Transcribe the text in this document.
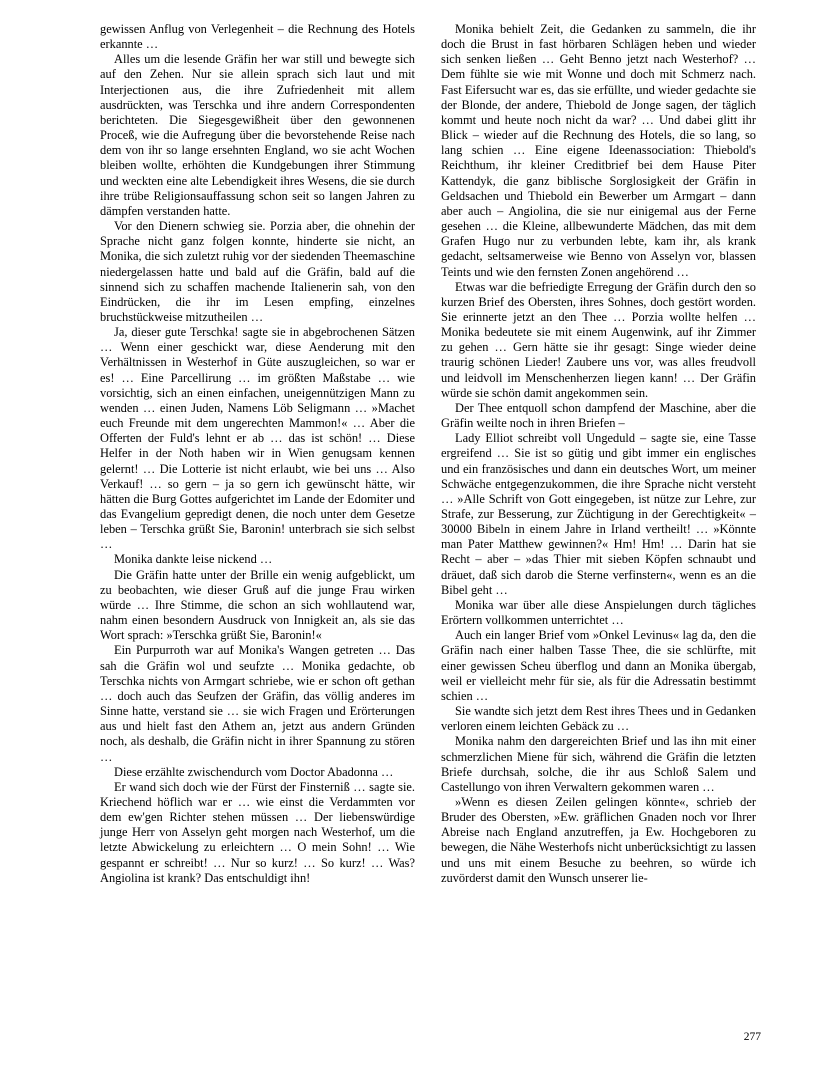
gewissen Anflug von Verlegenheit – die Rechnung des Hotels erkannte …

Alles um die lesende Gräfin her war still und bewegte sich auf den Zehen. Nur sie allein sprach sich laut und mit Interjectionen aus, die ihre Zufriedenheit mit allem ausdrückten, was Terschka und ihre andern Correspondenten berichteten. Die Siegesgewißheit über den gewonnenen Proceß, wie die Aufregung über die bevorstehende Reise nach dem von ihr so lange ersehnten England, wo sie acht Wochen bleiben wollte, erhöhten die Kundgebungen ihrer Stimmung und weckten eine alte Lebendigkeit ihres Wesens, die sie durch ihre trübe Religionsauffassung schon seit so langen Jahren zu dämpfen verstanden hatte.

Vor den Dienern schwieg sie. Porzia aber, die ohnehin der Sprache nicht ganz folgen konnte, hinderte sie nicht, an Monika, die sich zuletzt ruhig vor der siedenden Theemaschine niedergelassen hatte und bald auf die Gräfin, bald auf die sinnend sich zu schaffen machende Italienerin sah, von den Eindrücken, die ihr im Lesen empfing, einzelnes bruchstückweise mitzutheilen …

Ja, dieser gute Terschka! sagte sie in abgebrochenen Sätzen … Wenn einer geschickt war, diese Aenderung mit den Verhältnissen in Westerhof in Güte auszugleichen, so war er es! … Eine Parcellirung … im größten Maßstabe … wie vorsichtig, sich an einen einfachen, uneigennützigen Mann zu wenden … einen Juden, Namens Löb Seligmann … »Machet euch Freunde mit dem ungerechten Mammon!« … Aber die Offerten der Fuld's lehnt er ab … das ist schön! … Diese Helfer in der Noth haben wir in Wien genugsam kennen gelernt! … Die Lotterie ist nicht erlaubt, wie bei uns … Also Verkauf! … so gern – ja so gern ich gewünscht hätte, wir hätten die Burg Gottes aufgerichtet im Lande der Edomiter und das Evangelium gepredigt denen, die noch unter dem Gesetze leben – Terschka grüßt Sie, Baronin! unterbrach sie sich selbst …

Monika dankte leise nickend …

Die Gräfin hatte unter der Brille ein wenig aufgeblickt, um zu beobachten, wie dieser Gruß auf die junge Frau wirken würde … Ihre Stimme, die schon an sich wohllautend war, nahm einen besondern Ausdruck von Innigkeit an, als sie das Wort sprach: »Terschka grüßt Sie, Baronin!«

Ein Purpurroth war auf Monika's Wangen getreten … Das sah die Gräfin wol und seufzte … Monika gedachte, ob Terschka nichts von Armgart schriebe, wie er schon oft gethan … doch auch das Seufzen der Gräfin, das völlig anderes im Sinne hatte, verstand sie … sie wich Fragen und Erörterungen aus und hielt fast den Athem an, jetzt aus andern Gründen noch, als deshalb, die Gräfin nicht in ihrer Spannung zu stören …

Diese erzählte zwischendurch vom Doctor Abadonna …

Er wand sich doch wie der Fürst der Finsterniß … sagte sie. Kriechend höflich war er … wie einst die Verdammten vor dem ew'gen Richter stehen müssen … Der liebenswürdige junge Herr von Asselyn geht morgen nach Westerhof, um die letzte Abwickelung zu erleichtern … O mein Sohn! … Wie gespannt er schreibt! … Nur so kurz! … So kurz! … Was? Angiolina ist krank? Das entschuldigt ihn!

Monika behielt Zeit, die Gedanken zu sammeln, die ihr doch die Brust in fast hörbaren Schlägen heben und wieder sich senken ließen … Geht Benno jetzt nach Westerhof? … Dem fühlte sie wie mit Wonne und doch mit Schmerz nach. Fast Eifersucht war es, das sie erfüllte, und wieder gedachte sie der Blonde, der andere, Thiebold de Jonge sagen, der täglich kommt und heute noch nicht da war? … Und dabei glitt ihr Blick – wieder auf die Rechnung des Hotels, die so lang, so lang schien … Eine eigene Ideenassociation: Thiebold's Reichthum, ihr kleiner Creditbrief bei dem Hause Piter Kattendyk, die ganz biblische Sorglosigkeit der Gräfin in Geldsachen und Thiebold ein Bewerber um Armgart – dann aber auch – Angiolina, die sie nur einigemal aus der Ferne gesehen … die Kleine, allbewunderte Mädchen, das mit dem Grafen Hugo nur zu verbunden lebte, kam ihr, als krank gedacht, seltsamerweise wie Benno von Asselyn vor, blassen Teints und wie den fernsten Zonen angehörend …

Etwas war die befriedigte Erregung der Gräfin durch den so kurzen Brief des Obersten, ihres Sohnes, doch gestört worden. Sie erinnerte jetzt an den Thee … Porzia wollte helfen … Monika bedeutete sie mit einem Augenwink, auf ihr Zimmer zu gehen … Gern hätte sie ihr gesagt: Singe wieder deine traurig schönen Lieder! Zaubere uns vor, was alles freudvoll und leidvoll im Menschenherzen liegen kann! … Der Gräfin würde sie schön damit angekommen sein.

Der Thee entquoll schon dampfend der Maschine, aber die Gräfin weilte noch in ihren Briefen –

Lady Elliot schreibt voll Ungeduld – sagte sie, eine Tasse ergreifend … Sie ist so gütig und gibt immer ein englisches und ein französisches und dann ein deutsches Wort, um meiner Schwäche entgegenzukommen, die ihre Sprache nicht versteht … »Alle Schrift von Gott eingegeben, ist nütze zur Lehre, zur Strafe, zur Besserung, zur Züchtigung in der Gerechtigkeit« – 30000 Bibeln in einem Jahre in Irland vertheilt! … »Könnte man Pater Matthew gewinnen?« Hm! Hm! … Darin hat sie Recht – aber – »das Thier mit sieben Köpfen schnaubt und dräuet, daß sich darob die Sterne verfinstern«, wenn es an die Bibel geht …

Monika war über alle diese Anspielungen durch tägliches Erörtern vollkommen unterrichtet …

Auch ein langer Brief vom »Onkel Levinus« lag da, den die Gräfin nach einer halben Tasse Thee, die sie schlürfte, mit einer gewissen Scheu überflog und dann an Monika übergab, weil er vielleicht mehr für sie, als für die Adressatin bestimmt schien …

Sie wandte sich jetzt dem Rest ihres Thees und in Gedanken verloren einem leichten Gebäck zu …

Monika nahm den dargereichten Brief und las ihn mit einer schmerzlichen Miene für sich, während die Gräfin die letzten Briefe durchsah, solche, die ihr aus Schloß Salem und Castellungo von ihren Verwaltern gekommen waren …

»Wenn es diesen Zeilen gelingen könnte«, schrieb der Bruder des Obersten, »Ew. gräflichen Gnaden noch vor Ihrer Abreise nach England anzutreffen, ja Ew. Hochgeboren zu bewegen, die Nähe Westerhofs nicht unberücksichtigt zu lassen und uns mit einem Besuche zu beehren, so würde ich zuvörderst damit den Wunsch unserer lie-

277
